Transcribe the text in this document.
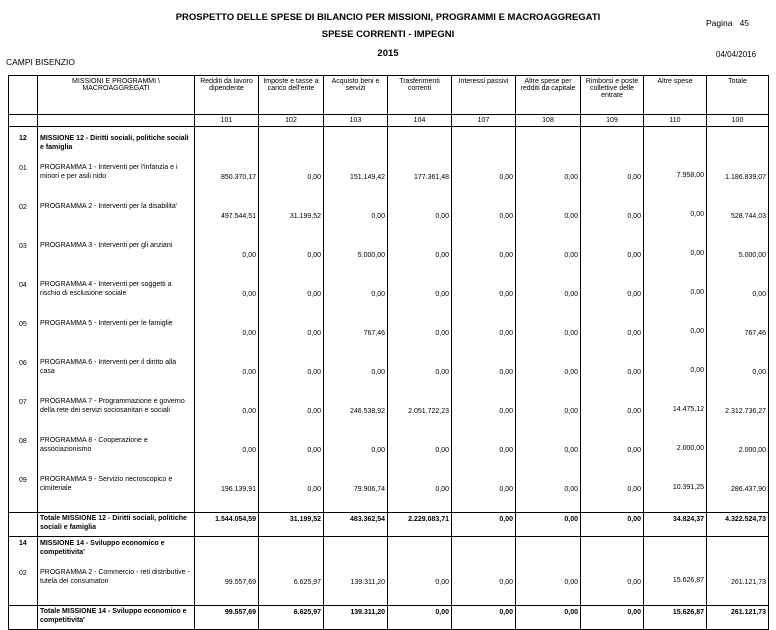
PROSPETTO DELLE SPESE DI BILANCIO PER MISSIONI, PROGRAMMI E MACROAGGREGATI
SPESE CORRENTI - IMPEGNI
2015
Pagina 45
CAMPI BISENZIO
04/04/2016
	MISSIONI E PROGRAMMI \ MACROAGGREGATI	Redditi da lavoro dipendente	Imposte e tasse a carico dell'ente	Acquisto beni e servizi	Trasferimenti correnti	Interessi passivi	Altre spese per redditi da capitale	Rimborsi e poste collettive delle entrate	Altre spese	Totale
		101	102	103	104	107	108	109	110	100

12	MISSIONE 12 - Diritti sociali, politiche sociali e famiglia									
01	PROGRAMMA 1 - Interventi per l'infanzia e i minori e per asili nido	850.370,17	0,00	151.149,42	177.361,48	0,00	0,00	0,00	7.958,00	1.186.839,07
02	PROGRAMMA 2 - Interventi per la disabilita'	497.544,51	31.199,52	0,00	0,00	0,00	0,00	0,00	0,00	528.744,03
03	PROGRAMMA 3 - Interventi per gli anziani	0,00	0,00	5.000,00	0,00	0,00	0,00	0,00	0,00	5.000,00
04	PROGRAMMA 4 - Interventi per soggetti a rischio di esclusione sociale	0,00	0,00	0,00	0,00	0,00	0,00	0,00	0,00	0,00
05	PROGRAMMA 5 - Interventi per le famiglie	0,00	0,00	767,46	0,00	0,00	0,00	0,00	0,00	767,46
06	PROGRAMMA 6 - Interventi per il diritto alla casa	0,00	0,00	0,00	0,00	0,00	0,00	0,00	0,00	0,00
07	PROGRAMMA 7 - Programmazione e governo della rete dei servizi sociosanitari e sociali	0,00	0,00	246.538,92	2.051.722,23	0,00	0,00	0,00	14.475,12	2.312.736,27
08	PROGRAMMA 8 - Cooperazione e associazionismo	0,00	0,00	0,00	0,00	0,00	0,00	0,00	2.000,00	2.000,00
09	PROGRAMMA 9 - Servizio necroscopico e cimiteriale	196.139,91	0,00	79.906,74	0,00	0,00	0,00	0,00	10.391,25	286.437,90
	Totale MISSIONE 12 - Diritti sociali, politiche sociali e famiglia	1.544.054,59	31.199,52	483.362,54	2.229.083,71	0,00	0,00	0,00	34.824,37	4.322.524,73
14	MISSIONE 14 - Sviluppo economico e competitivita'									
02	PROGRAMMA 2 - Commercio - reti distributive - tutela dei consumatori	99.557,69	6.625,97	139.311,20	0,00	0,00	0,00	0,00	15.626,87	261.121,73
	Totale MISSIONE 14 - Sviluppo economico e competitivita'	99.557,69	6.625,97	139.311,20	0,00	0,00	0,00	0,00	15.626,87	261.121,73
